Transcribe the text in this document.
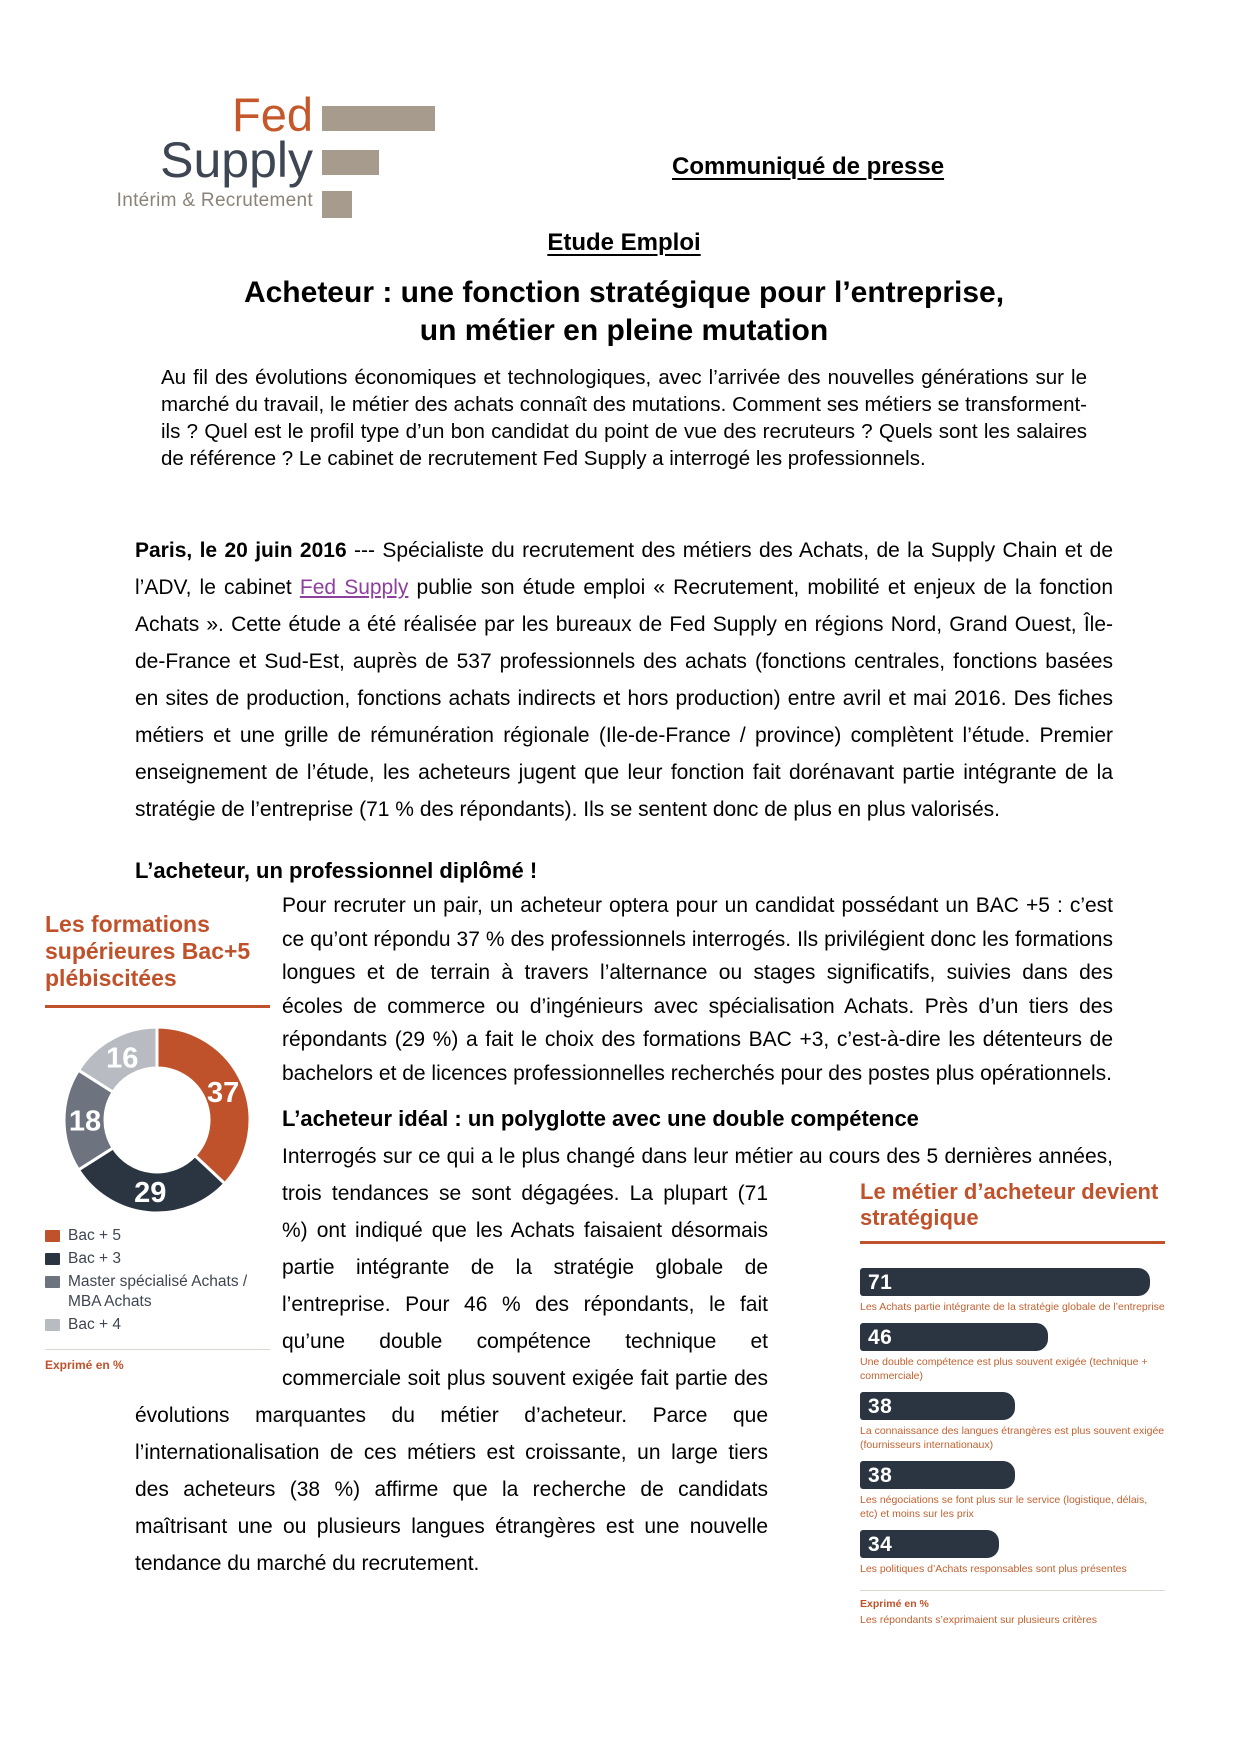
Fed
Supply
Intérim & Recrutement
Communiqué de presse
Etude Emploi
Acheteur : une fonction stratégique pour l’entreprise,
un métier en pleine mutation
Au fil des évolutions économiques et technologiques, avec l’arrivée des nouvelles générations sur le marché du travail, le métier des achats connaît des mutations. Comment ses métiers se transforment-ils ? Quel est le profil type d’un bon candidat du point de vue des recruteurs ? Quels sont les salaires de référence ? Le cabinet de recrutement Fed Supply a interrogé les professionnels.
Paris, le 20 juin 2016 --- Spécialiste du recrutement des métiers des Achats, de la Supply Chain et de l’ADV, le cabinet Fed Supply publie son étude emploi « Recrutement, mobilité et enjeux de la fonction Achats ». Cette étude a été réalisée par les bureaux de Fed Supply en régions Nord, Grand Ouest, Île-de-France et Sud-Est, auprès de 537 professionnels des achats (fonctions centrales, fonctions basées en sites de production, fonctions achats indirects et hors production) entre avril et mai 2016. Des fiches métiers et une grille de rémunération régionale (Ile-de-France / province) complètent l’étude. Premier enseignement de l’étude, les acheteurs jugent que leur fonction fait dorénavant partie intégrante de la stratégie de l’entreprise (71 % des répondants). Ils se sentent donc de plus en plus valorisés.
L’acheteur, un professionnel diplômé !
Les formations supérieures Bac+5 plébiscitées
37
29
18
16
Bac + 5
Bac + 3
Master spécialisé Achats / MBA Achats
Bac + 4
Exprimé en %
Pour recruter un pair, un acheteur optera pour un candidat possédant un BAC +5 : c’est ce qu’ont répondu 37 % des professionnels interrogés. Ils privilégient donc les formations longues et de terrain à travers l’alternance ou stages significatifs, suivies dans des écoles de commerce ou d’ingénieurs avec spécialisation Achats. Près d’un tiers des répondants (29 %) a fait le choix des formations BAC +3, c’est-à-dire les détenteurs de bachelors et de licences professionnelles recherchés pour des postes plus opérationnels.
L’acheteur idéal : un polyglotte avec une double compétence
Interrogés sur ce qui a le plus changé dans leur métier au cours des 5
Le métier d’acheteur devient stratégique
71
Les Achats partie intégrante de la stratégie globale de l’entreprise
46
Une double compétence est plus souvent exigée (technique + commerciale)
38
La connaissance des langues étrangères est plus souvent exigée (fournisseurs internationaux)
38
Les négociations se font plus sur le service (logistique, délais, etc) et moins sur les prix
34
Les politiques d’Achats responsables sont plus présentes
Exprimé en %
Les répondants s’exprimaient sur plusieurs critères
dernières années, trois tendances se sont dégagées. La plupart (71 %) ont indiqué que les Achats faisaient désormais partie intégrante de la stratégie globale de l’entreprise. Pour 46 % des répondants, le fait qu’une double compétence technique et commerciale soit plus souvent exigée fait partie des évolutions marquantes du métier d’acheteur. Parce que l’internationalisation de ces métiers est croissante, un large tiers des acheteurs (38 %) affirme que la recherche de candidats maîtrisant une ou plusieurs langues étrangères est une nouvelle tendance du marché du recrutement.
